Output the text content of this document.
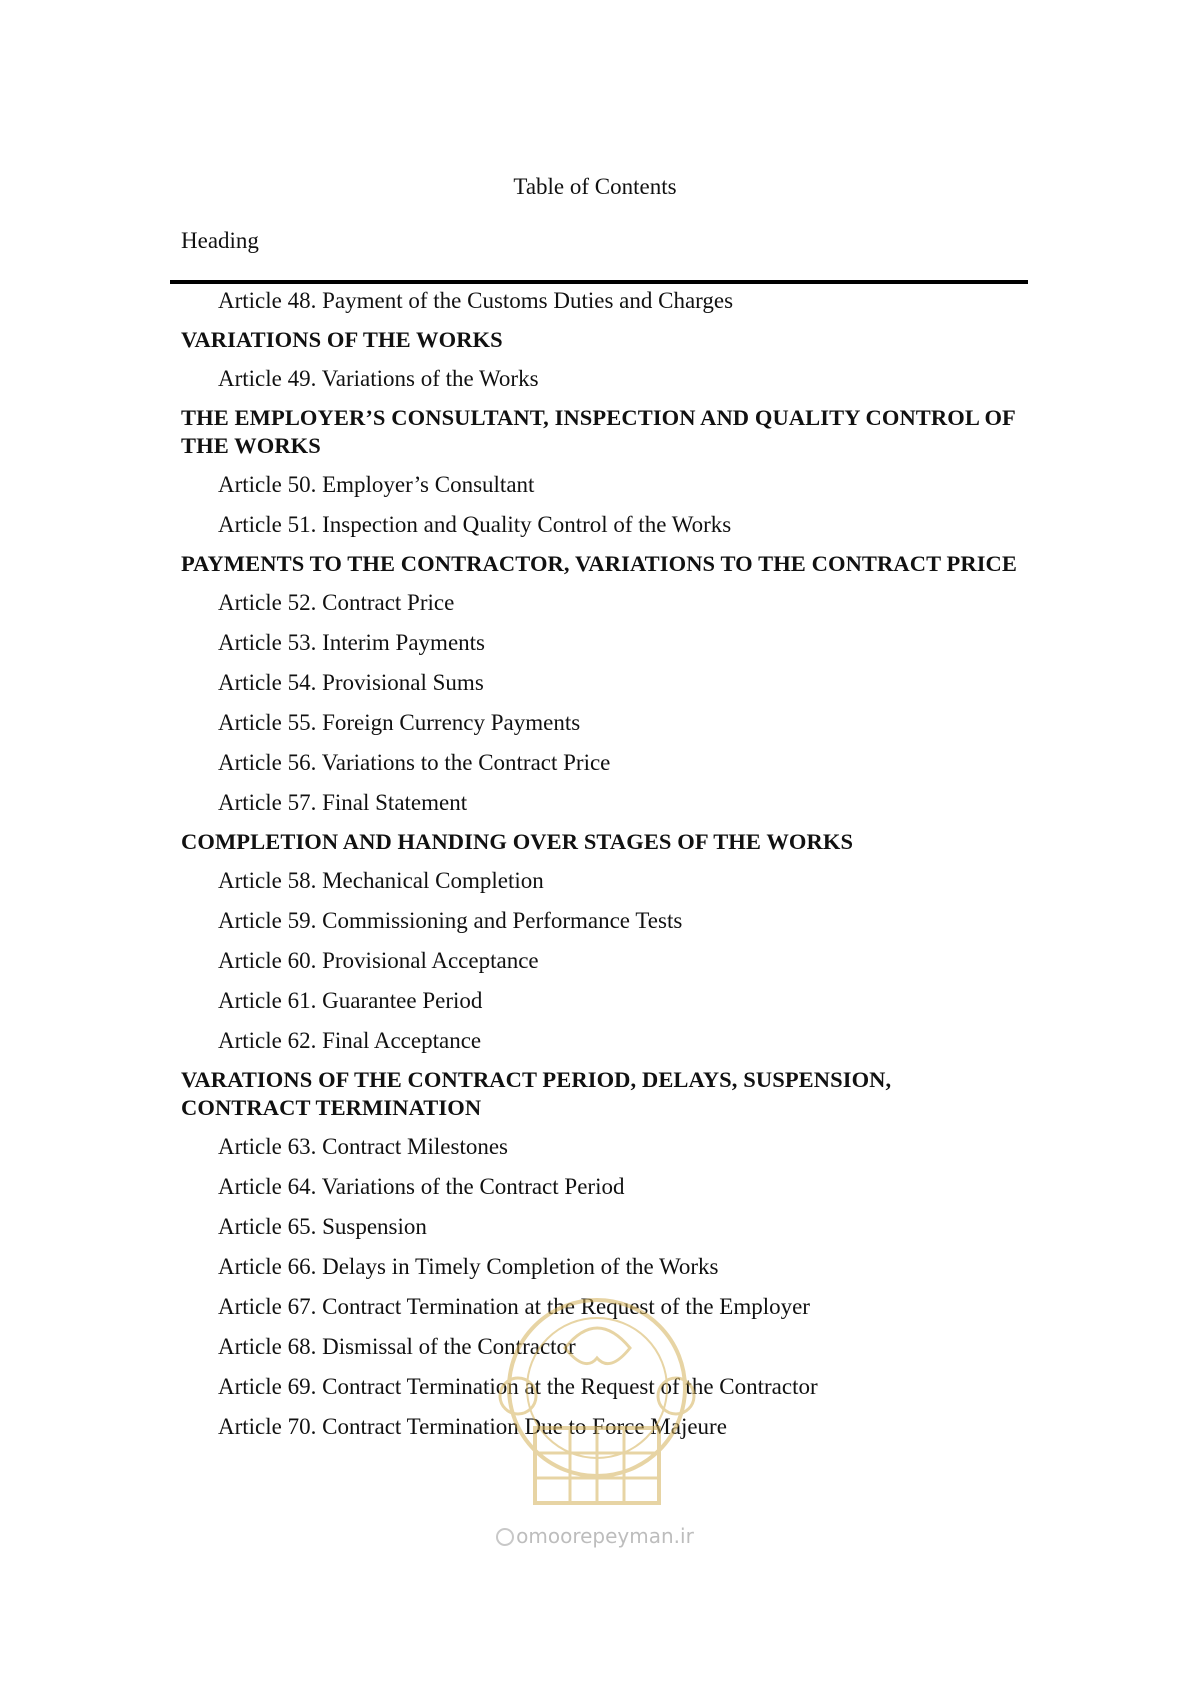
Table of Contents
Heading
Article 48. Payment of the Customs Duties and Charges
VARIATIONS OF THE WORKS
Article 49. Variations of the Works
THE EMPLOYER’S CONSULTANT, INSPECTION AND QUALITY CONTROL OF THE WORKS
Article 50. Employer’s Consultant
Article 51. Inspection and Quality Control of the Works
PAYMENTS TO THE CONTRACTOR, VARIATIONS TO THE CONTRACT PRICE
Article 52. Contract Price
Article 53. Interim Payments
Article 54. Provisional Sums
Article 55. Foreign Currency Payments
Article 56. Variations to the Contract Price
Article 57. Final Statement
COMPLETION AND HANDING OVER STAGES OF THE WORKS
Article 58. Mechanical Completion
Article 59. Commissioning and Performance Tests
Article 60. Provisional Acceptance
Article 61. Guarantee Period
Article 62. Final Acceptance
VARATIONS OF THE CONTRACT PERIOD, DELAYS, SUSPENSION, CONTRACT TERMINATION
Article 63. Contract Milestones
Article 64. Variations of the Contract Period
Article 65. Suspension
Article 66. Delays in Timely Completion of the Works
Article 67. Contract Termination at the Request of the Employer
Article 68. Dismissal of the Contractor
Article 69. Contract Termination at the Request of the Contractor
Article 70. Contract Termination Due to Force Majeure
omoorepeyman.ir
